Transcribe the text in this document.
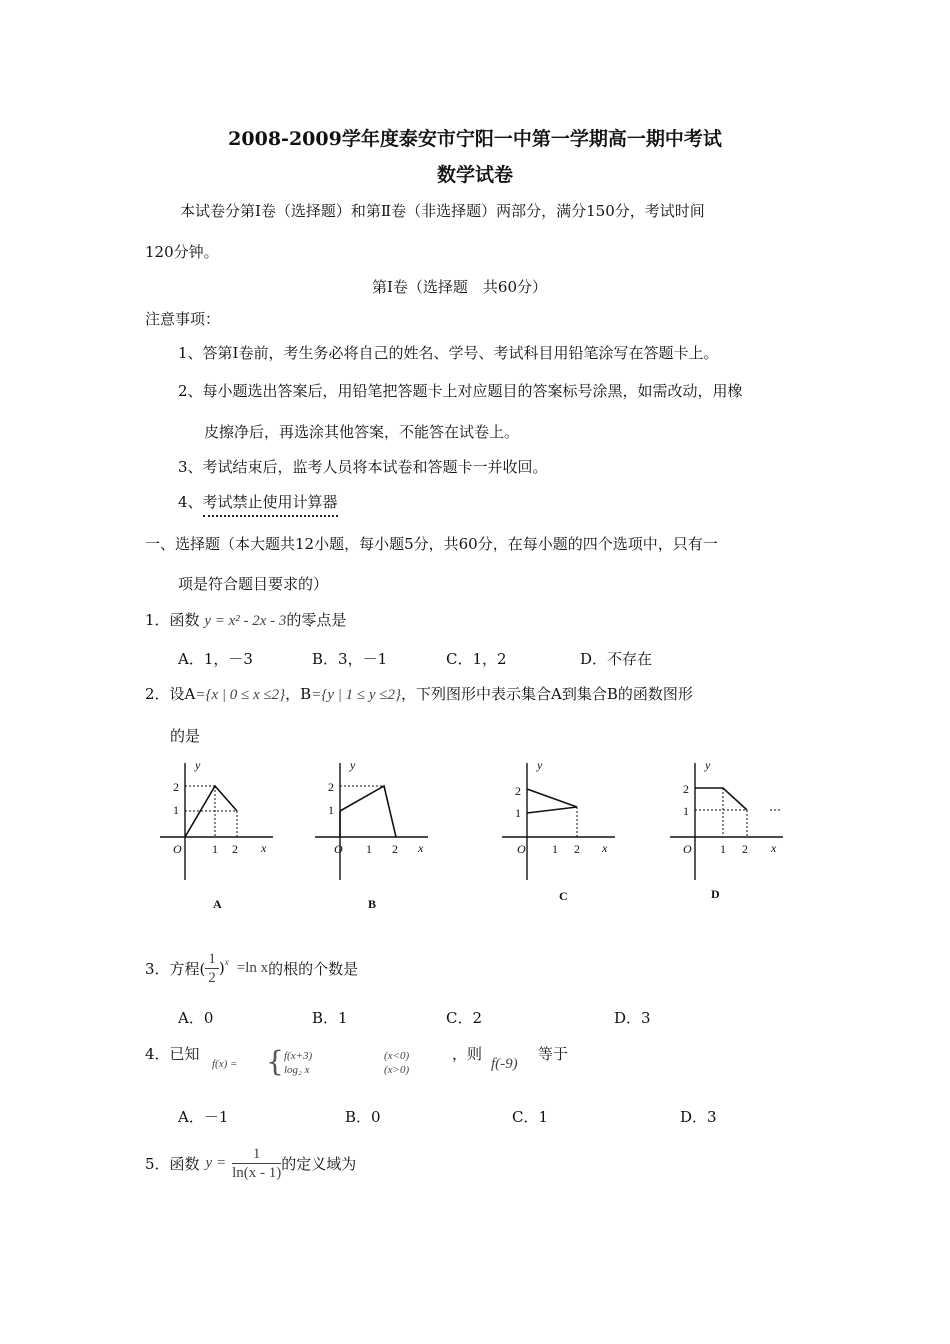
2008-2009学年度泰安市宁阳一中第一学期高一期中考试
数学试卷
本试卷分第Ⅰ卷（选择题）和第Ⅱ卷（非选择题）两部分，满分150分，考试时间
120分钟。
第Ⅰ卷（选择题　共60分）
注意事项：
1、答第Ⅰ卷前，考生务必将自己的姓名、学号、考试科目用铅笔涂写在答题卡上。
2、每小题选出答案后，用铅笔把答题卡上对应题目的答案标号涂黑，如需改动，用橡
皮擦净后，再选涂其他答案，不能答在试卷上。
3、考试结束后，监考人员将本试卷和答题卡一并收回。
4、考试禁止使用计算器
一、选择题（本大题共12小题，每小题5分，共60分，在每小题的四个选项中，只有一
项是符合题目要求的）
1．函数 y = x² - 2x - 3的零点是
A．1，－3	B．3，－1	C．1，2	D．不存在
2．设A={x | 0 ≤ x ≤2}，B={y | 1 ≤ y ≤2}，下列图形中表示集合A到集合B的函数图形
的是
y
x
O
2
1
1 2
A
y
x
O
2
1
1 2
B
y
x
O
2
1
1 2
C
y
x
O
2
1
1 2
D
3．方程( $\frac{1}{2} )^x =\ln$ x 的根的个数是
A．0	B．1	C．2	D．3
4．已知
f(x) = { f(x+3)
log₂ x
(x<0)
(x>0)
，则
f(-9)
等于
A．－1	B．0	C．1	D．3
5．函数 $y = \frac{1}{\ln(x - 1)}$ 的定义域为
